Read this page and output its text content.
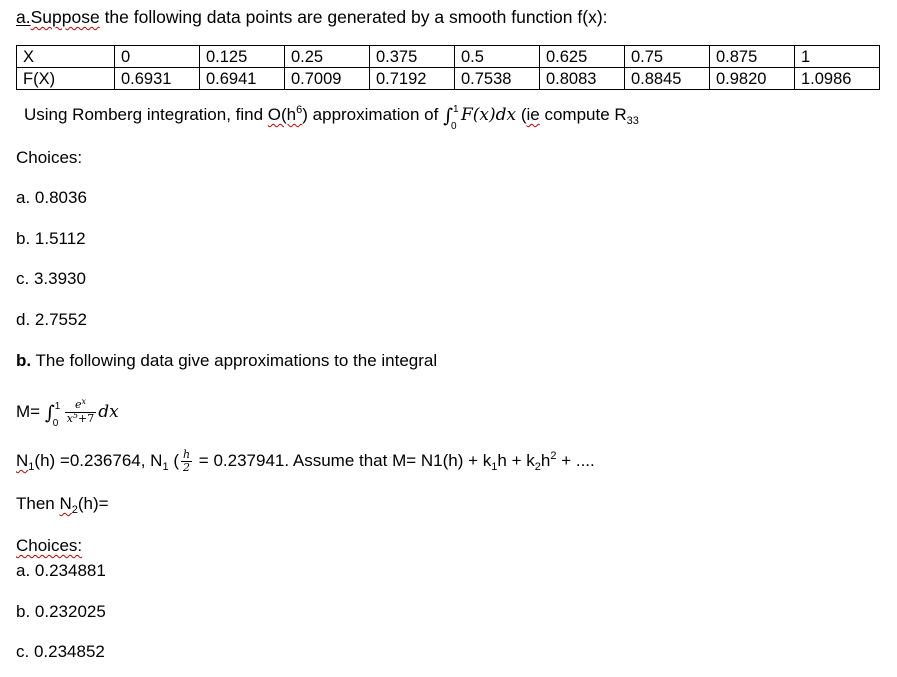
a.Suppose the following data points are generated by a smooth function f(x):
X	0	0.125	0.25	0.375	0.5	0.625	0.75	0.875	1
F(X)	0.6931	0.6941	0.7009	0.7192	0.7538	0.8083	0.8845	0.9820	1.0986
Using Romberg integration, find $O(h^6)$ approximation of ∫ 1
0
F(x)dx (ie compute $R_{33}$
Choices:
a. 0.8036
b. 1.5112
c. 3.3930
d. 2.7552
b. The following data give approximations to the integral
M= ∫ 1
$0 \frac{e^x}{x^5+7}$ dx
$N_1(h) =0.236764$, $N_1$ ( $\frac{h}{2} = 0.237941$. Assume that $M= N1(h) + k_1h + k_2h^2$ + ....
Then $N_2(h)=$
Choices:
a. 0.234881
b. 0.232025
c. 0.234852
